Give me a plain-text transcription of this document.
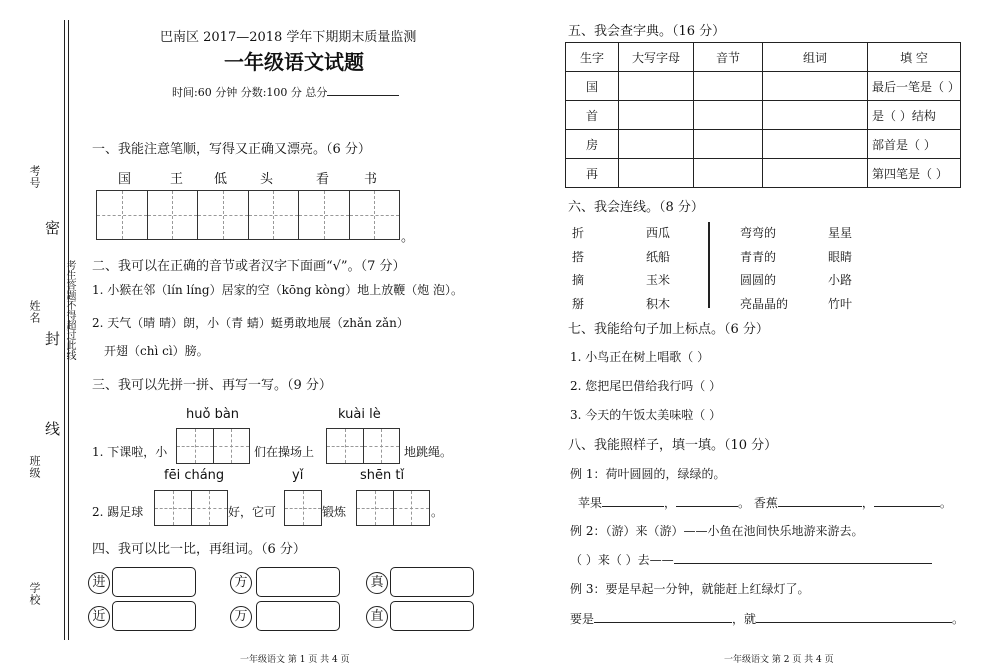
考号
密
姓名
封 考生答题不得超过此线
线
班级
学校
巴南区 2017—2018 学年下期期末质量监测
一年级语文试题
时间:60 分钟 分数:100 分 总分
一、我能注意笔顺，写得又正确又漂亮。（6 分）
国	王 低	头	看	书
。
二、我可以在正确的音节或者汉字下面画“√”。（7 分）
1. 小猴在邻（lín líng）居家的空（kōng kòng）地上放鞭（炮 泡）。
2. 天气（晴 晴）朗，小（青 蜻）蜓勇敢地展（zhǎn zǎn）
开翅（chì cì）膀。
三、我可以先拼一拼、再写一写。（9 分）
huǒ bàn	kuài lè
1. 下课啦，小	们在操场上	地跳绳。
fēi cháng	yǐ	shēn tǐ
2. 踢足球	好，它可	锻炼	。
四、我可以比一比，再组词。（6 分）
进	方	真
近	万	直
一年级语文 第 1 页 共 4 页
五、我会查字典。（16 分）
生字	大写字母	音节	组词	填 空
国				最后一笔是（ ）
首				是（ ）结构
房				部首是（ ）
再				第四笔是（ ）
六、我会连线。（8 分）
折
搭
摘
掰
西瓜
纸船
玉米
积木
弯弯的
青青的
圆圆的
亮晶晶的
星星
眼睛
小路
竹叶
七、我能给句子加上标点。（6 分）
1. 小鸟正在树上唱歌（ ）
2. 您把尾巴借给我行吗（ ）
3. 今天的午饭太美味啦（ ）
八、我能照样子，填一填。（10 分）
例 1：荷叶圆圆的，绿绿的。
苹果	，	。 香蕉	，	。
例 2：（游）来（游）——小鱼在池间快乐地游来游去。
（ ）来（ ）去——
例 3：要是早起一分钟，就能赶上红绿灯了。
要是	，就	。
一年级语文 第 2 页 共 4 页
